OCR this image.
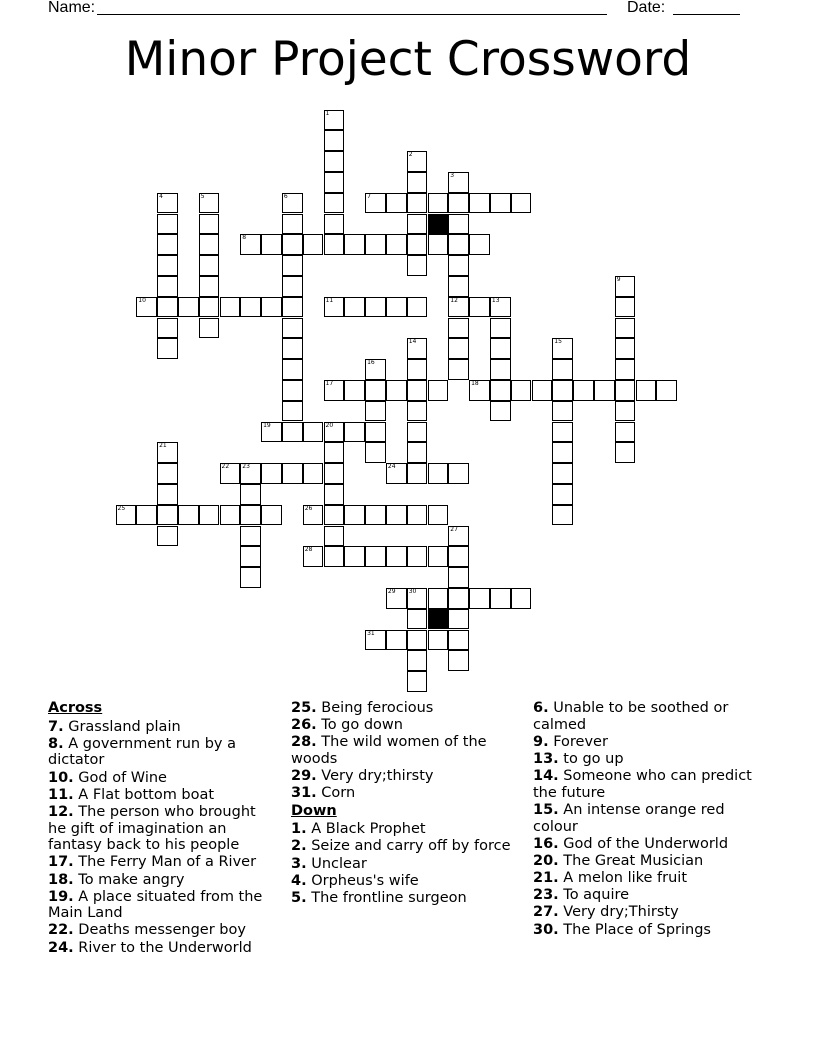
Name:	Date:
Minor Project Crossword
1
2
3
12
4	5	6	7
8
9
10	11	13
14	15
16
17	18
19	20
21
22 23	24
25	26
27
28
29 30
31
Across
7. Grassland plain
8. A government run by a dictator
10. God of Wine
11. A Flat bottom boat
12. The person who brought he gift of imagination an fantasy back to his people
17. The Ferry Man of a River
18. To make angry
19. A place situated from the Main Land
22. Deaths messenger boy
24. River to the Underworld
25. Being ferocious
26. To go down
28. The wild women of the woods
29. Very dry;thirsty
31. Corn
Down
1. A Black Prophet
2. Seize and carry off by force
3. Unclear
4. Orpheus's wife
5. The frontline surgeon
6. Unable to be soothed or calmed
9. Forever
13. to go up
14. Someone who can predict the future
15. An intense orange red colour
16. God of the Underworld
20. The Great Musician
21. A melon like fruit
23. To aquire
27. Very dry;Thirsty
30. The Place of Springs
